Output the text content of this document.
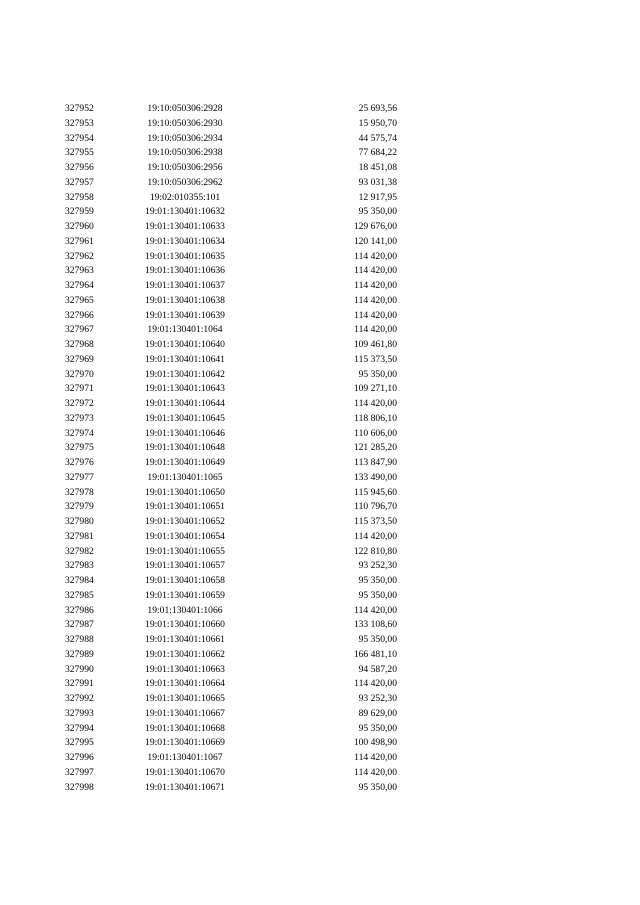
327952	19:10:050306:2928	25 693,56
327953	19:10:050306:2930	15 950,70
327954	19:10:050306:2934	44 575,74
327955	19:10:050306:2938	77 684,22
327956	19:10:050306:2956	18 451,08
327957	19:10:050306:2962	93 031,38
327958	19:02:010355:101	12 917,95
327959	19:01:130401:10632	95 350,00
327960	19:01:130401:10633	129 676,00
327961	19:01:130401:10634	120 141,00
327962	19:01:130401:10635	114 420,00
327963	19:01:130401:10636	114 420,00
327964	19:01:130401:10637	114 420,00
327965	19:01:130401:10638	114 420,00
327966	19:01:130401:10639	114 420,00
327967	19:01:130401:1064	114 420,00
327968	19:01:130401:10640	109 461,80
327969	19:01:130401:10641	115 373,50
327970	19:01:130401:10642	95 350,00
327971	19:01:130401:10643	109 271,10
327972	19:01:130401:10644	114 420,00
327973	19:01:130401:10645	118 806,10
327974	19:01:130401:10646	110 606,00
327975	19:01:130401:10648	121 285,20
327976	19:01:130401:10649	113 847,90
327977	19:01:130401:1065	133 490,00
327978	19:01:130401:10650	115 945,60
327979	19:01:130401:10651	110 796,70
327980	19:01:130401:10652	115 373,50
327981	19:01:130401:10654	114 420,00
327982	19:01:130401:10655	122 810,80
327983	19:01:130401:10657	93 252,30
327984	19:01:130401:10658	95 350,00
327985	19:01:130401:10659	95 350,00
327986	19:01:130401:1066	114 420,00
327987	19:01:130401:10660	133 108,60
327988	19:01:130401:10661	95 350,00
327989	19:01:130401:10662	166 481,10
327990	19:01:130401:10663	94 587,20
327991	19:01:130401:10664	114 420,00
327992	19:01:130401:10665	93 252,30
327993	19:01:130401:10667	89 629,00
327994	19:01:130401:10668	95 350,00
327995	19:01:130401:10669	100 498,90
327996	19:01:130401:1067	114 420,00
327997	19:01:130401:10670	114 420,00
327998	19:01:130401:10671	95 350,00
